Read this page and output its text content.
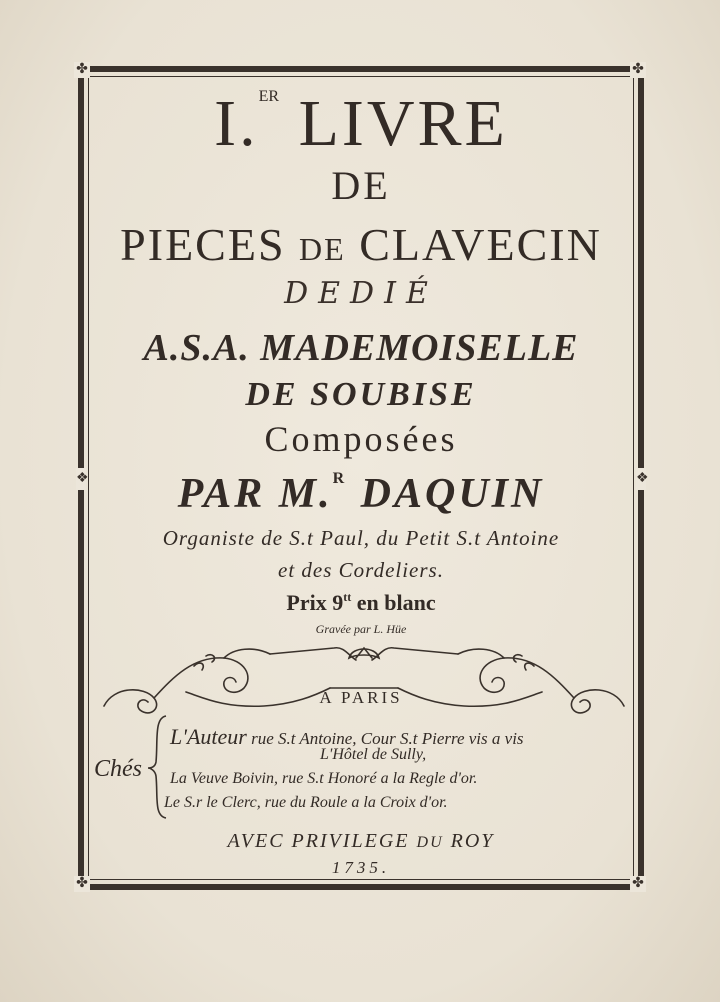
✤	✤
✤	✤
❖	❖
I.$^{ER}$ LIVRE
DE
PIECES DE CLAVECIN
DEDIÉ
A.S.A. MADEMOISELLE
DE SOUBISE
Composées
PAR M.$^R$ DAQUIN
Organiste de S.t Paul, du Petit S.t Antoine
et des Cordeliers.
Prix $9^{tt}$ en blanc
Gravée par L. Hüe
A PARIS
Chés
L'Auteur rue S.t Antoine, Cour S.t Pierre vis a vis
L'Hôtel de Sully,
La Veuve Boivin, rue S.t Honoré a la Regle d'or.
Le S.r le Clerc, rue du Roule a la Croix d'or.
AVEC PRIVILEGE DU ROY
1735.
